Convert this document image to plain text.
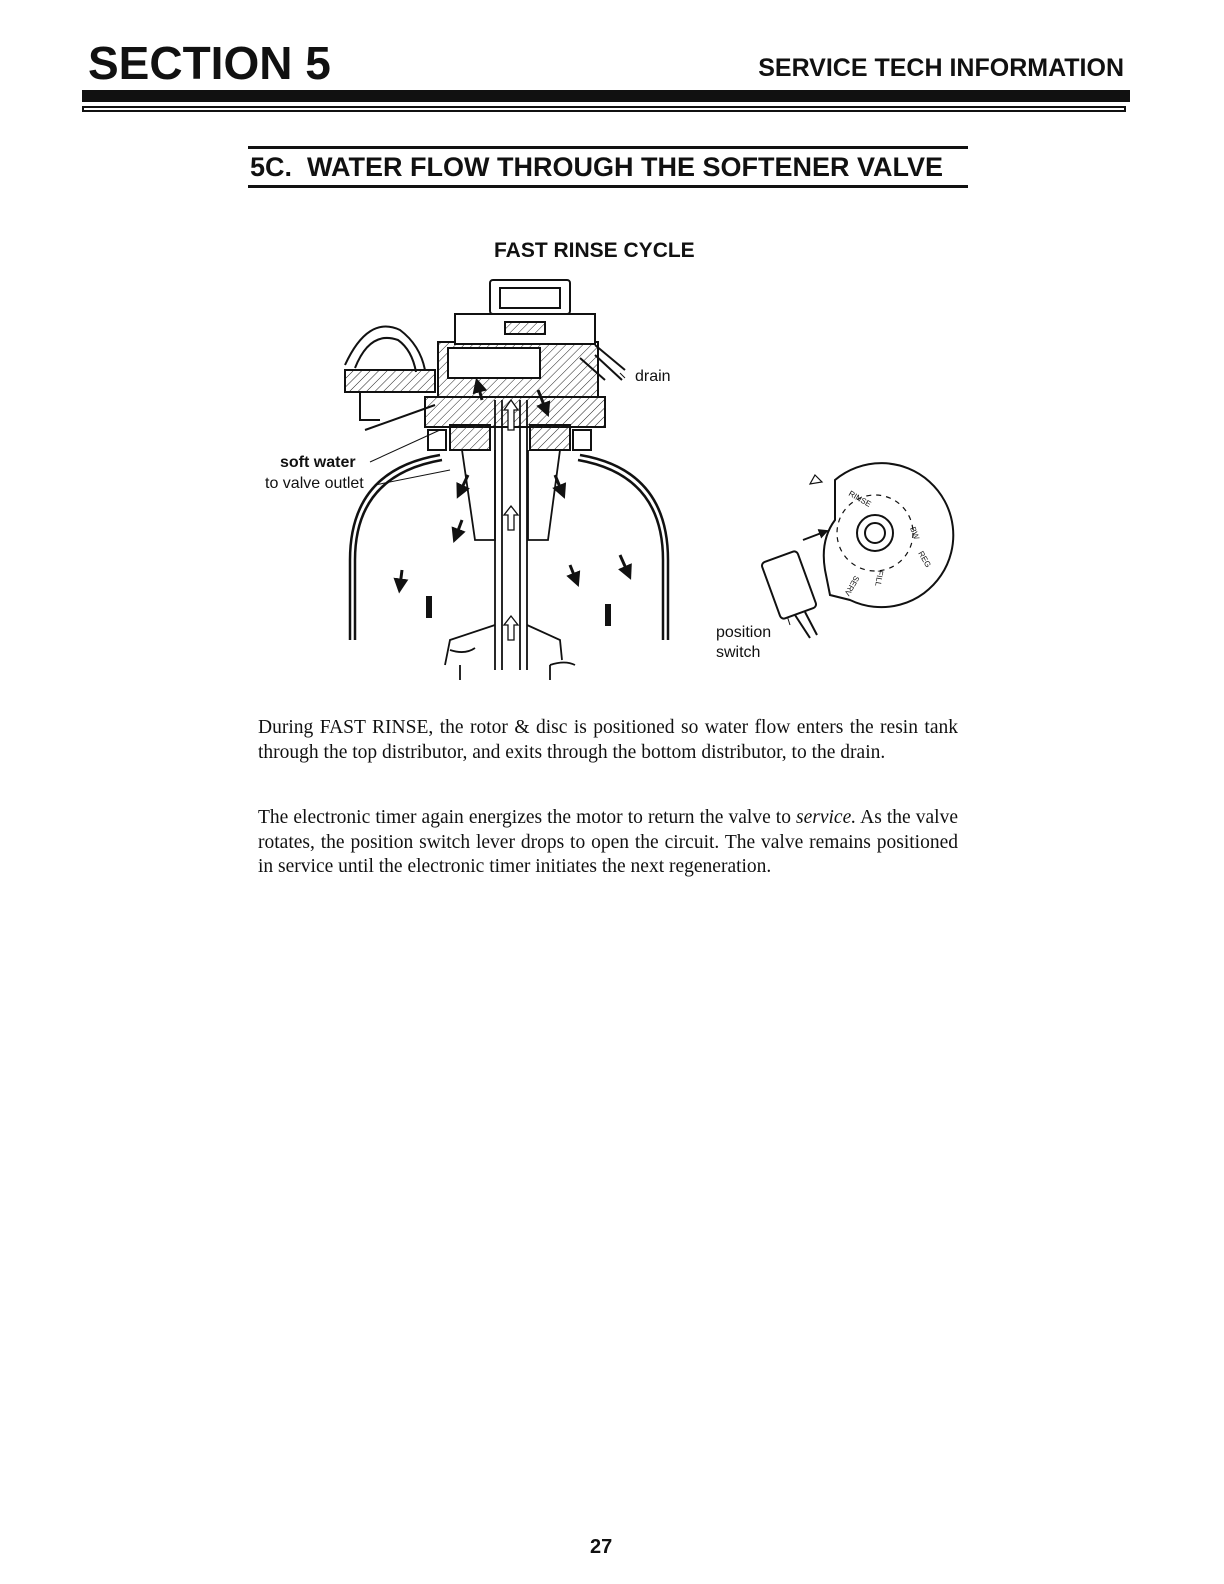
SECTION 5	SERVICE TECH INFORMATION
5C.  WATER FLOW THROUGH THE SOFTENER VALVE
FAST RINSE CYCLE
BW
REG
FILL
SERV
RINSE
drain
soft water
to valve outlet
position
switch

During FAST RINSE, the rotor & disc is positioned so water flow enters the resin tank through the top distributor, and exits through the bottom distributor, to the drain.

The electronic timer again energizes the motor to return the valve to service. As the valve rotates, the position switch lever drops to open the circuit. The valve remains positioned in service until the electronic timer initiates the next regeneration.

27
